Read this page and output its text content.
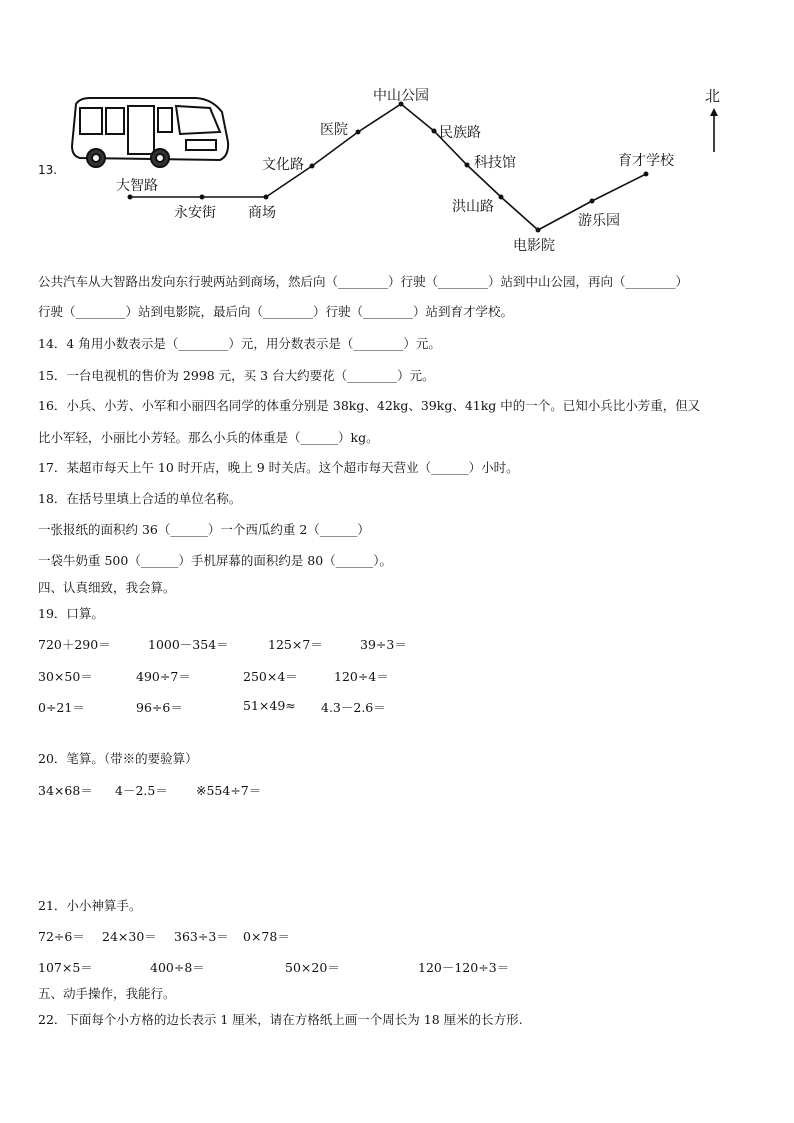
大智路
永安街 商场
文化路
医院
中山公园
民族路
科技馆
洪山路
电影院
游乐园
育才学校
北
13.
公共汽车从大智路出发向东行驶两站到商场，然后向（________）行驶（________）站到中山公园，再向（________）
行驶（________）站到电影院，最后向（________）行驶（________）站到育才学校。
14．4 角用小数表示是（________）元，用分数表示是（________）元。
15．一台电视机的售价为 2998 元，买 3 台大约要花（________）元。
16．小兵、小芳、小军和小丽四名同学的体重分别是 38kg、42kg、39kg、41kg 中的一个。已知小兵比小芳重，但又
比小军轻，小丽比小芳轻。那么小兵的体重是（______）kg。
17．某超市每天上午 10 时开店，晚上 9 时关店。这个超市每天营业（______）小时。
18．在括号里填上合适的单位名称。
一张报纸的面积约 36（______）一个西瓜约重 2（______）
一袋牛奶重 500（______）手机屏幕的面积约是 80（______）。
四、认真细致，我会算。
19．口算。
720＋290＝	1000－354＝	125×7＝	39÷3＝
30×50＝	490÷7＝	250×4＝	120÷4＝
0÷21＝	96÷6＝	51×49≈ 4.3－2.6＝
20．笔算。（带※的要验算）
34×68＝ 4－2.5＝ ※554÷7＝
21．小小神算手。
72÷6＝ 24×30＝ 363÷3＝ 0×78＝
107×5＝	400÷8＝	50×20＝	120－120÷3＝
五、动手操作，我能行。
22．下面每个小方格的边长表示 1 厘米，请在方格纸上画一个周长为 18 厘米的长方形.
